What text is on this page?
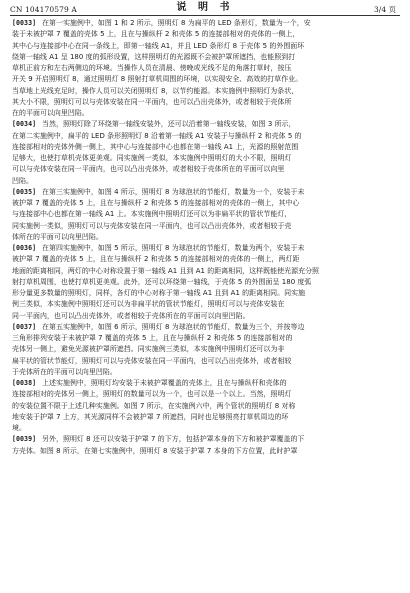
CN 104170579 A	说 明 书	3/4 页
[0033] 在第一实施例中，如图 1 和 2 所示，照明灯 8 为扁平的 LED 条形灯，数量为一个，安
装于未被护罩 7 覆盖的壳体 5 上，且在与操纵杆 2 和壳体 5 的连接部相对的壳体的一侧上，
其中心与连接部中心在同一条线上，即第一轴线 A1，并且 LED 条形灯 8 于壳体 5 的外围面环
绕第一轴线 A1 呈 180 度的弧形设置，这样照明灯的光源既不会被护罩所遮挡，也能照到打
草机正前方和左右两侧边的环境。当操作人员在清晨、傍晚或光线不足的角落打草时，按压
开关 9 开启照明灯 8，通过照明灯 8 照射打草机周围的环境，以实现安全、高效的打草作业。
当草地上光线充足时，操作人员可以关闭照明灯 8，以节约能源。本实施例中照明灯为条状，
其大小不限，照明灯可以与壳体安装在同一平面内，也可以凸出壳体外，或者相较于壳体所
在的平面可以向里凹陷。
[0034] 当然，照明灯除了环绕第一轴线安装外，还可以沿着第一轴线安装，如图 3 所示，
在第二实施例中，扁平的 LED 条形照明灯 8 沿着第一轴线 A1 安装于与操纵杆 2 和壳体 5 的
连接部相对的壳体外侧一侧上，其中心与连接部中心也都在第一轴线 A1 上，光源的照射范围
足够大，也使打草机壳体更美观。同实施例一类似，本实施例中照明灯的大小不限，照明灯
可以与壳体安装在同一平面内，也可以凸出壳体外，或者相较于壳体所在的平面可以向里
凹陷。
[0035] 在第三实施例中，如图 4 所示，照明灯 8 为球泡状的节能灯，数量为一个，安装于未
被护罩 7 覆盖的壳体 5 上，且在与操纵杆 2 和壳体 5 的连接部相对的壳体的一侧上，其中心
与连接部中心也都在第一轴线 A1 上。本实施例中照明灯还可以为非扁平状的管状节能灯，
同实施例一类似，照明灯可以与壳体安装在同一平面内，也可以凸出壳体外，或者相较于壳
体所在的平面可以向里凹陷。
[0036] 在第四实施例中，如图 5 所示，照明灯 8 为球泡状的节能灯，数量为两个，安装于未
被护罩 7 覆盖的壳体 5 上，且在与操纵杆 2 和壳体 5 的连接部相对的壳体的一侧上，两灯距
地面的距离相同，两灯的中心对称设置于第一轴线 A1 且到 A1 的距离相同，这样既能使光源充分照
射打草机周围，也使打草机更美观。此外，还可以环绕第一轴线，于壳体 5 的外围面呈 180 度弧
形分量更多数量的照明灯，同样，各灯的中心对称于第一轴线 A1 且到 A1 的距离相同。同实施
例三类似，本实施例中照明灯还可以为非扁平状的管状节能灯，照明灯可以与壳体安装在
同一平面内，也可以凸出壳体外，或者相较于壳体所在的平面可以向里凹陷。
[0037] 在第五实施例中，如图 6 所示，照明灯 8 为球泡状的节能灯，数量为三个，并按等边
三角形排列安装于未被护罩 7 覆盖的壳体 5 上，且在与操纵杆 2 和壳体 5 的连接部相对的
壳体另一侧上，避免光源被护罩所遮挡。同实施例三类似，本实施例中照明灯还可以为非
扁平状的管状节能灯，照明灯可以与壳体安装在同一平面内，也可以凸出壳体外，或者相较
于壳体所在的平面可以向里凹陷。
[0038] 上述实施例中，照明灯均安装于未被护罩覆盖的壳体上，且在与操纵杆和壳体的
连接部相对的壳体另一侧上，照明灯的数量可以为一个，也可以是一个以上。当然，照明灯
的安装位置不限于上述几种实施例。如图 7 所示，在实施例六中，两个管状的照明灯 8 对称
地安装于护罩 7 上方，其光源同样不会被护罩 7 所遮挡，同时也足够照亮打草机周边的环
境。
[0039] 另外，照明灯 8 还可以安装于护罩 7 的下方，包括护罩本身的下方和被护罩覆盖的下
方壳体。如图 8 所示，在第七实施例中，照明灯 8 安装于护罩 7 本身的下方位置，此时护罩
